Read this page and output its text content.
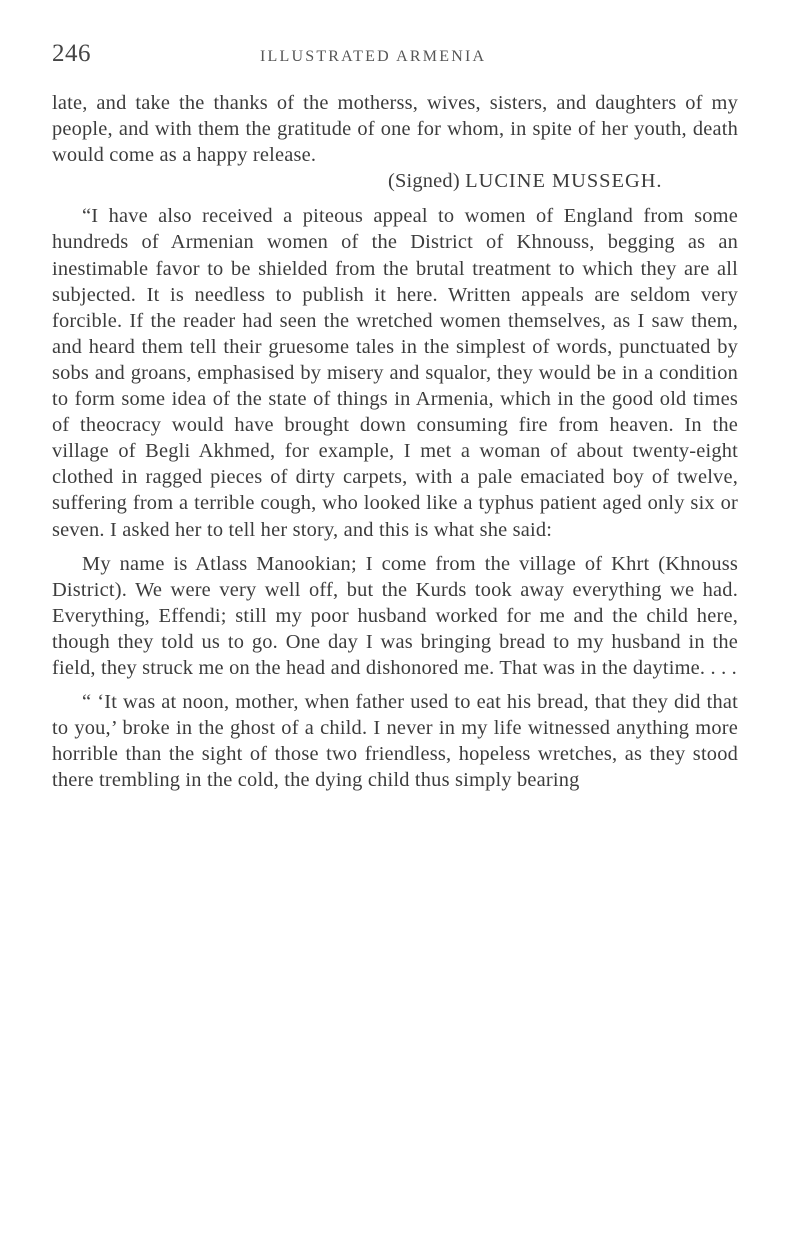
246	ILLUSTRATED ARMENIA

late, and take the thanks of the motherss, wives, sisters, and daughters of my people, and with them the gratitude of one for whom, in spite of her youth, death would come as a happy release.

(Signed) LUCINE MUSSEGH.

“I have also received a piteous appeal to women of England from some hundreds of Armenian women of the District of Khnouss, begging as an inestimable favor to be shielded from the brutal treatment to which they are all subjected. It is needless to publish it here. Written appeals are seldom very forcible. If the reader had seen the wretched women themselves, as I saw them, and heard them tell their gruesome tales in the simplest of words, punctuated by sobs and groans, emphasised by misery and squalor, they would be in a condition to form some idea of the state of things in Armenia, which in the good old times of theocracy would have brought down consuming fire from heaven. In the village of Begli Akhmed, for example, I met a woman of about twenty-eight clothed in ragged pieces of dirty carpets, with a pale emaciated boy of twelve, suffering from a terrible cough, who looked like a typhus patient aged only six or seven. I asked her to tell her story, and this is what she said:

My name is Atlass Manookian; I come from the village of Khrt (Khnouss District). We were very well off, but the Kurds took away everything we had. Everything, Effendi; still my poor husband worked for me and the child here, though they told us to go. One day I was bringing bread to my husband in the field, they struck me on the head and dishonored me. That was in the daytime. . . .

“ ‘It was at noon, mother, when father used to eat his bread, that they did that to you,’ broke in the ghost of a child. I never in my life witnessed anything more horrible than the sight of those two friendless, hopeless wretches, as they stood there trembling in the cold, the dying child thus simply bearing
